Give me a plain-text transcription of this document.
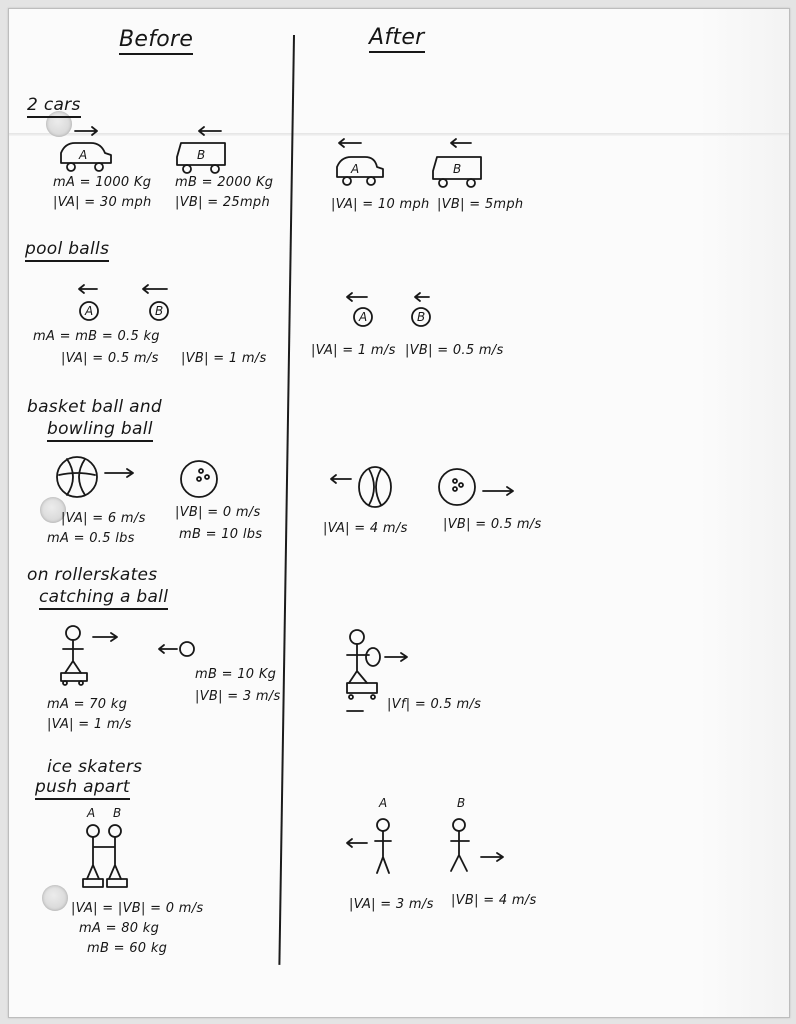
Before	After
2 cars
A	B
mA = 1000 Kg
|VA| = 30 mph
mB = 2000 Kg
|VB| = 25mph
A	B
|VA| = 10 mph |VB| = 5mph
pool balls
A	B
mA = mB = 0.5 kg
|VA| = 0.5 m/s |VB| = 1 m/s
A	B
|VA| = 1 m/s |VB| = 0.5 m/s
basket ball and
bowling ball
|VA| = 6 m/s
mA = 0.5 lbs
|VB| = 0 m/s
mB = 10 lbs	|VA| = 4 m/s	|VB| = 0.5 m/s
on rollerskates
catching a ball
mA = 70 kg
|VA| = 1 m/s
mB = 10 Kg
|VB| = 3 m/s
|Vf| = 0.5 m/s
ice skaters
push apart
A B
|VA| = |VB| = 0 m/s
mA = 80 kg
mB = 60 kg
A	B
|VA| = 3 m/s |VB| = 4 m/s
